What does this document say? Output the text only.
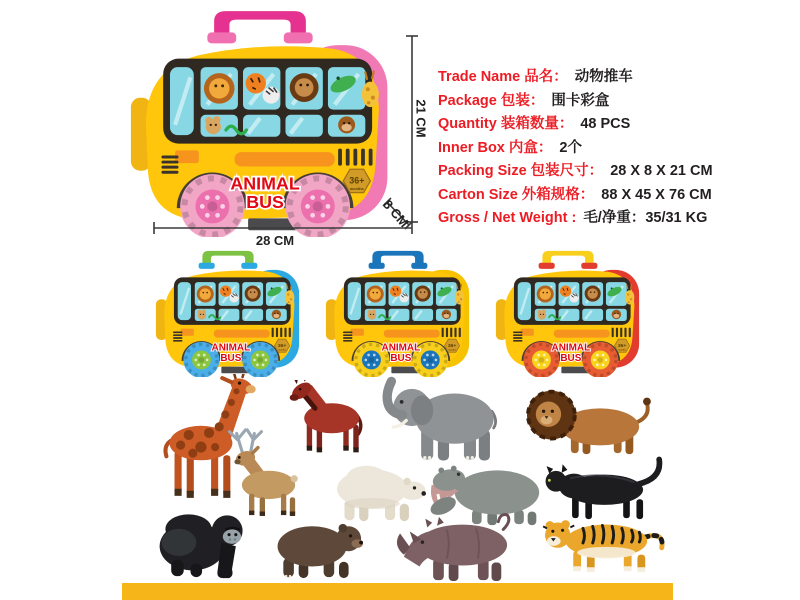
ANIMAL
BUS
36+
months
21 CM
28 CM
8 CM
Trade Name 品名： 动物推车
Package 包装： 围卡彩盒
Quantity 装箱数量： 48 PCS
Inner Box 内盒： 2个
Packing Size 包装尺寸： 28 X 8 X 21 CM
Carton Size 外箱规格： 88 X 45 X 76 CM
Gross / Net Weight : 毛/净重：35/31 KG
ANIMAL
BUS
36+
months	ANIMAL
BUS
36+
months	ANIMAL
BUS
36+
months
